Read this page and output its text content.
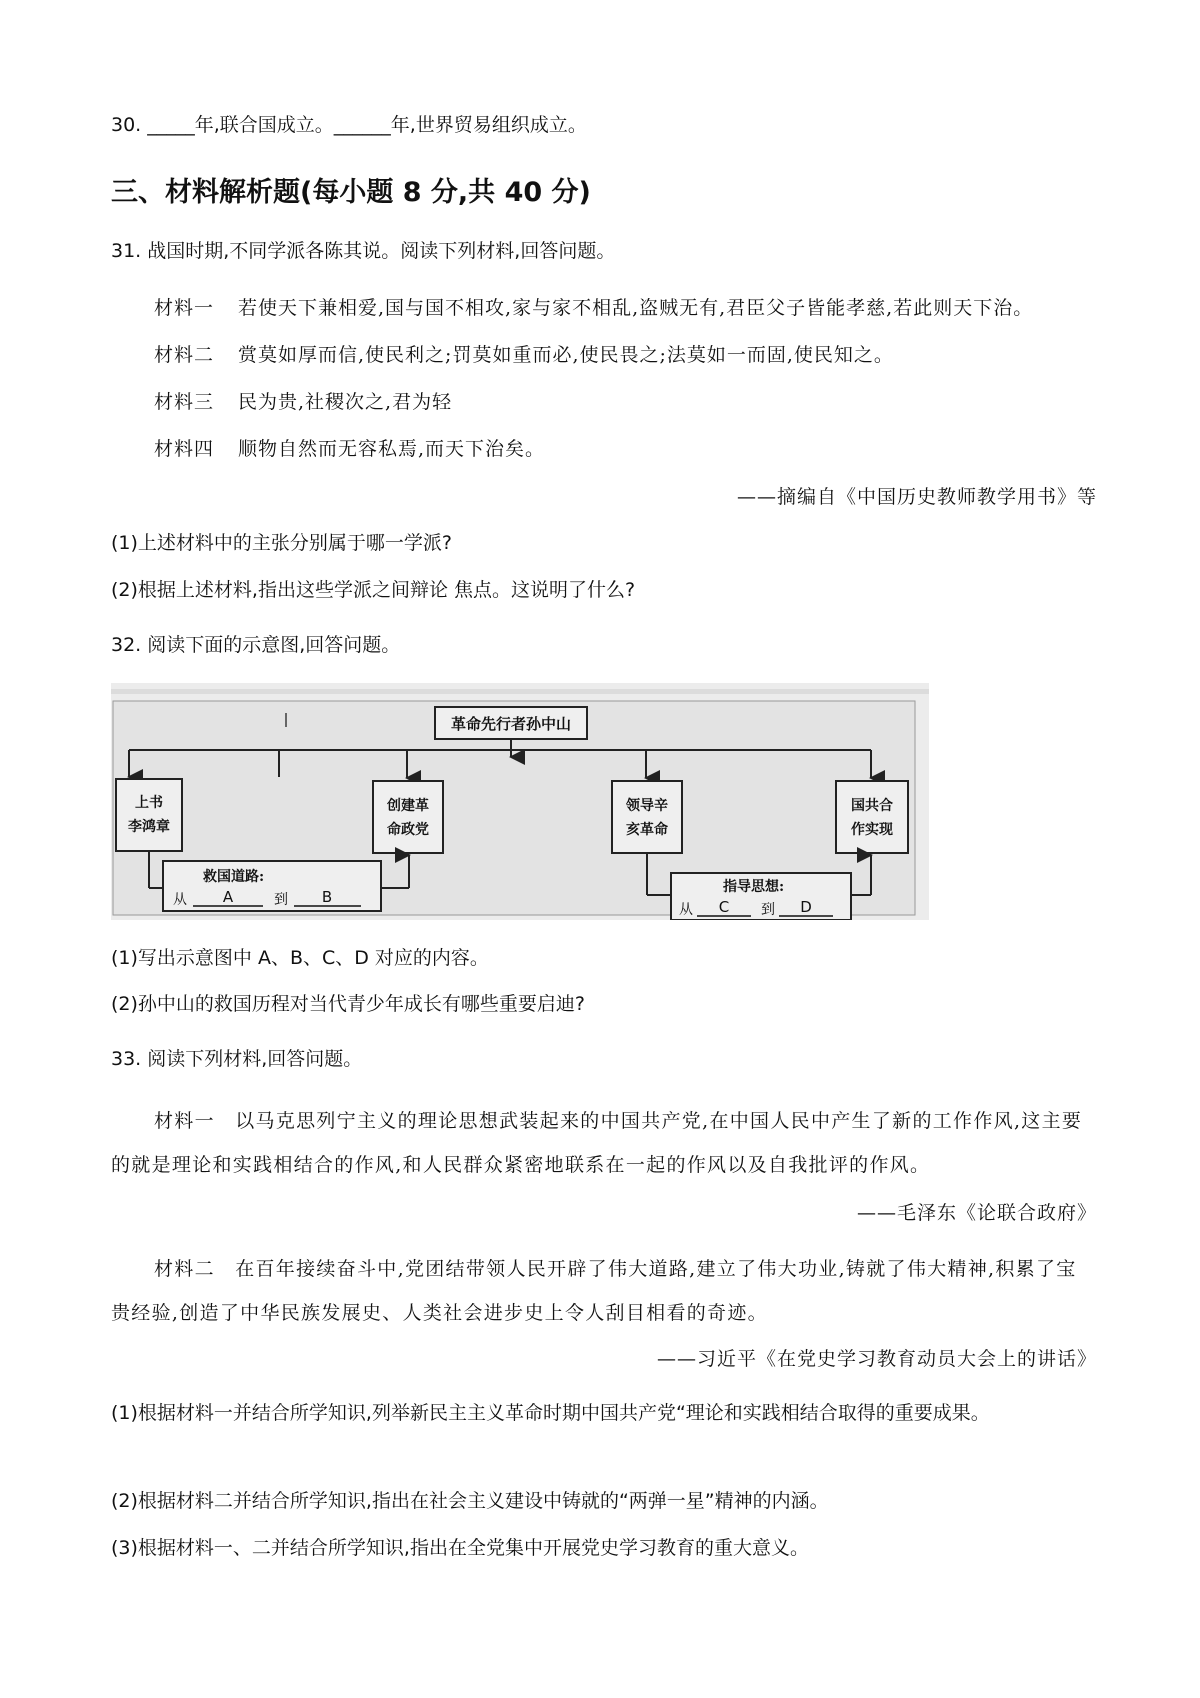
30. _____年,联合国成立。______年,世界贸易组织成立。
三、材料解析题(每小题 8 分,共 40 分)
31. 战国时期,不同学派各陈其说。阅读下列材料,回答问题。
材料一 若使天下兼相爱,国与国不相攻,家与家不相乱,盗贼无有,君臣父子皆能孝慈,若此则天下治。
材料二 赏莫如厚而信,使民利之;罚莫如重而必,使民畏之;法莫如一而固,使民知之。
材料三 民为贵,社稷次之,君为轻
材料四 顺物自然而无容私焉,而天下治矣。
——摘编自《中国历史教师教学用书》等
(1)上述材料中的主张分别属于哪一学派?
(2)根据上述材料,指出这些学派之间辩论 焦点。这说明了什么?
32. 阅读下面的示意图,回答问题。
革命先行者孙中山
上书
李鸿章
创建革
命政党
领导辛
亥革命
国共合
作实现
救国道路:
从 A	到 B
指导思想:
从 C 到 D
(1)写出示意图中 A、B、C、D 对应的内容。
(2)孙中山的救国历程对当代青少年成长有哪些重要启迪?
33. 阅读下列材料,回答问题。
材料一　以马克思列宁主义的理论思想武装起来的中国共产党,在中国人民中产生了新的工作作风,这主要的就是理论和实践相结合的作风,和人民群众紧密地联系在一起的作风以及自我批评的作风。
——毛泽东《论联合政府》
材料二　在百年接续奋斗中,党团结带领人民开辟了伟大道路,建立了伟大功业,铸就了伟大精神,积累了宝贵经验,创造了中华民族发展史、人类社会进步史上令人刮目相看的奇迹。
——习近平《在党史学习教育动员大会上的讲话》
(1)根据材料一并结合所学知识,列举新民主主义革命时期中国共产党“理论和实践相结合取得的重要成果。
(2)根据材料二并结合所学知识,指出在社会主义建设中铸就的“两弹一星”精神的内涵。
(3)根据材料一、二并结合所学知识,指出在全党集中开展党史学习教育的重大意义。
